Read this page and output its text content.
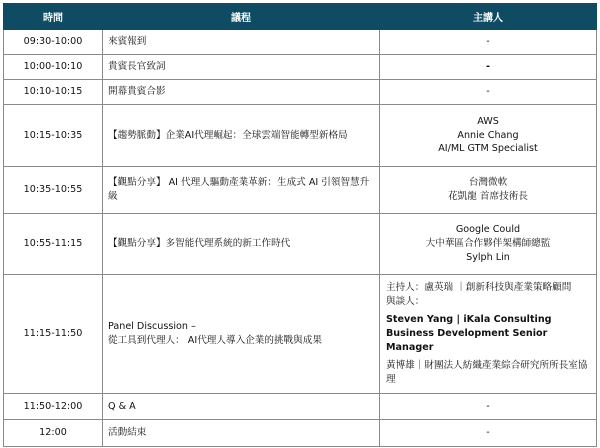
時間	議程	主講人
09:30-10:00	來賓報到	-
10:00-10:10	貴賓長官致詞	-
10:10-10:15	開幕貴賓合影	-
10:15-10:35	【趨勢脈動】企業AI代理崛起：全球雲端智能轉型新格局	AWS
Annie Chang
AI/ML GTM Specialist

10:35-10:55	【觀點分享】 AI 代理人驅動產業革新：生成式 AI 引領智慧升級	台灣微軟
花凱龍 首席技術長

10:55-11:15	【觀點分享】多智能代理系統的新工作時代	Google Could
大中華區合作夥伴架構師總監
Sylph Lin

11:15-11:50	Panel Discussion –
從工具到代理人： AI代理人導入企業的挑戰與成果	主持人：盧英瑞 ｜創新科技與產業策略顧問
與談人：
Steven Yang | iKala Consulting Business Development Senior Manager
黃博雄｜財團法人紡織產業綜合研究所所長室協理

11:50-12:00	Q & A	-
12:00	活動結束	-
